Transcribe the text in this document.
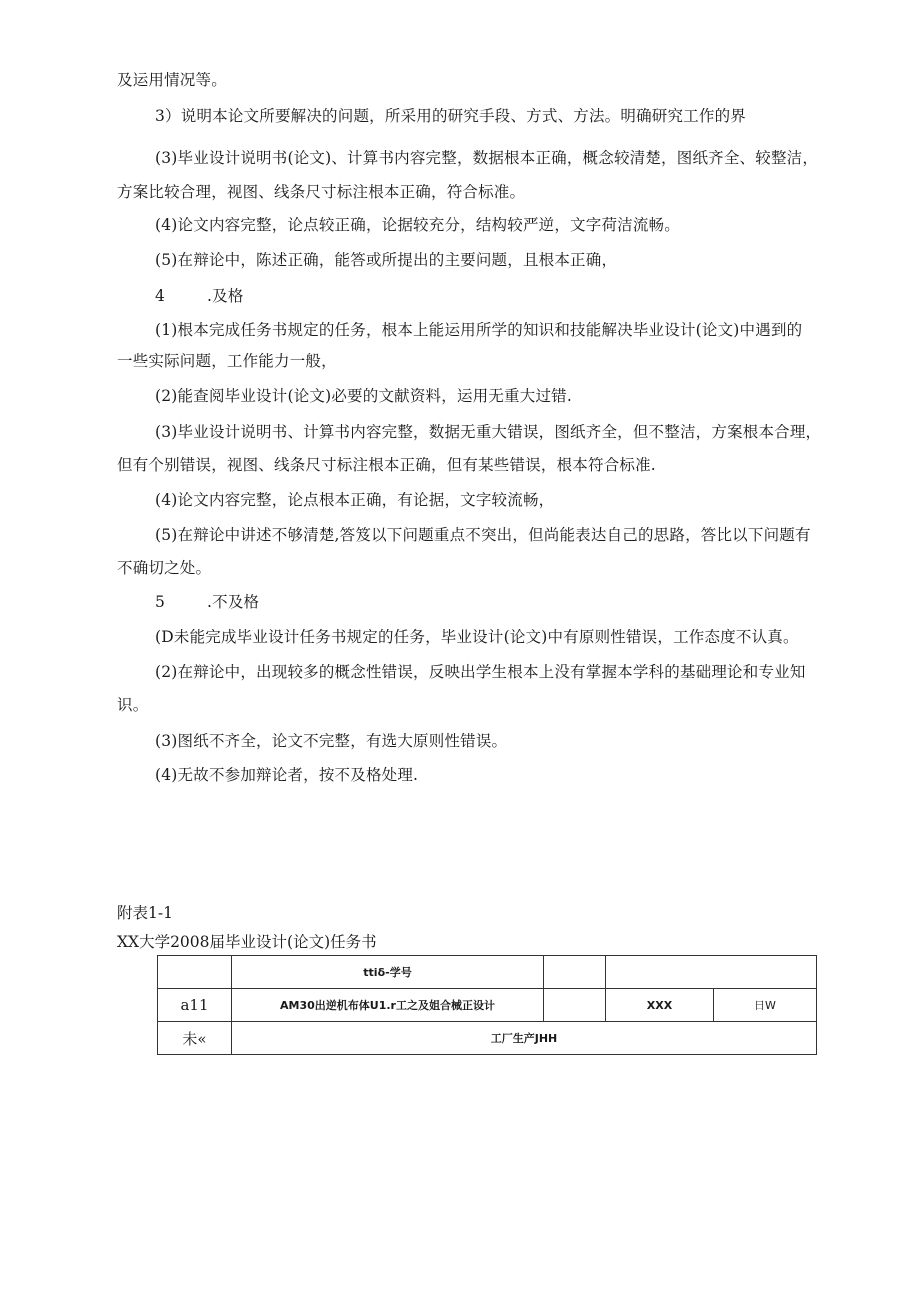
及运用情况等。
3）说明本论文所要解决的问题，所采用的研究手段、方式、方法。明确研究工作的界
(3)毕业设计说明书(论文)、计算书内容完整，数据根本正确，概念较清楚，图纸齐全、较整洁，
方案比较合理，视图、线条尺寸标注根本正确，符合标准。
(4)论文内容完整，论点较正确，论据较充分，结构较严逆，文字荷洁流畅。
(5)在辩论中，陈述正确，能答或所提出的主要问题，且根本正确，
4	.及格
(1)根本完成任务书规定的任务，根本上能运用所学的知识和技能解决毕业设计(论文)中遇到的
一些实际问题，工作能力一般，
(2)能查阅毕业设计(论文)必要的文献资料，运用无重大过错.
(3)毕业设计说明书、计算书内容完整，数据无重大错误，图纸齐全，但不整洁，方案根本合理，
但有个别错误，视图、线条尺寸标注根本正确，但有某些错误，根本符合标准.
(4)论文内容完整，论点根本正确，有论据，文字较流畅，
(5)在辩论中讲述不够清楚,答笈以下问题重点不突出，但尚能表达自己的思路，答比以下问题有
不确切之处。
5	.不及格
(D未能完成毕业设计任务书规定的任务，毕业设计(论文)中有原则性错误，工作态度不认真。
(2)在辩论中，出现较多的概念性错误，反映出学生根本上没有掌握本学科的基础理论和专业知
识。
(3)图纸不齐全，论文不完整，有选大原则性错误。
(4)无故不参加辩论者，按不及格处理.
附表1-1
XX大学2008届毕业设计(论文)任务书
	ttiδ-学号			
a11	AM30出逆机布体U1.r工之及姐合械正设计		XXX	日W
未«	工厂生产JHH			
